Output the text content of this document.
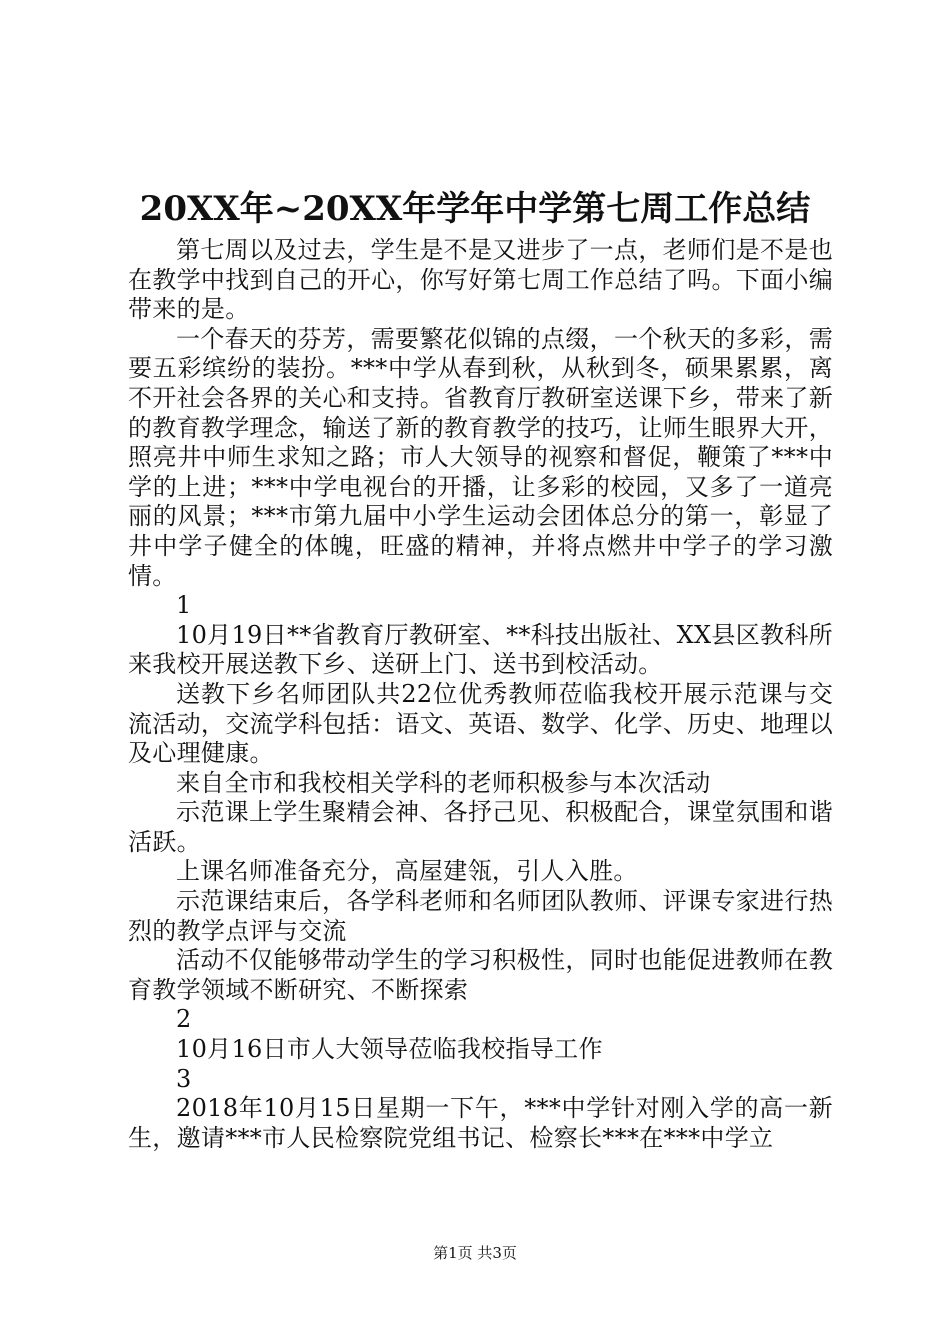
20XX年~20XX年学年中学第七周工作总结

第七周以及过去，学生是不是又进步了一点，老师们是不是也在教学中找到自己的开心，你写好第七周工作总结了吗。下面小编带来的是。

一个春天的芬芳，需要繁花似锦的点缀，一个秋天的多彩，需要五彩缤纷的装扮。***中学从春到秋，从秋到冬，硕果累累，离不开社会各界的关心和支持。省教育厅教研室送课下乡，带来了新的教育教学理念，输送了新的教育教学的技巧，让师生眼界大开，照亮井中师生求知之路；市人大领导的视察和督促，鞭策了***中学的上进；***中学电视台的开播，让多彩的校园，又多了一道亮丽的风景；***市第九届中小学生运动会团体总分的第一，彰显了井中学子健全的体魄，旺盛的精神，并将点燃井中学子的学习激情。

1

10月19日**省教育厅教研室、**科技出版社、XX县区教科所来我校开展送教下乡、送研上门、送书到校活动。

送教下乡名师团队共22位优秀教师莅临我校开展示范课与交流活动，交流学科包括：语文、英语、数学、化学、历史、地理以及心理健康。

来自全市和我校相关学科的老师积极参与本次活动

示范课上学生聚精会神、各抒己见、积极配合，课堂氛围和谐活跃。

上课名师准备充分，高屋建瓴，引人入胜。

示范课结束后，各学科老师和名师团队教师、评课专家进行热烈的教学点评与交流

活动不仅能够带动学生的学习积极性，同时也能促进教师在教育教学领域不断研究、不断探索

2

10月16日市人大领导莅临我校指导工作

3

2018年10月15日星期一下午，***中学针对刚入学的高一新生，邀请***市人民检察院党组书记、检察长***在***中学立

第1页 共3页
